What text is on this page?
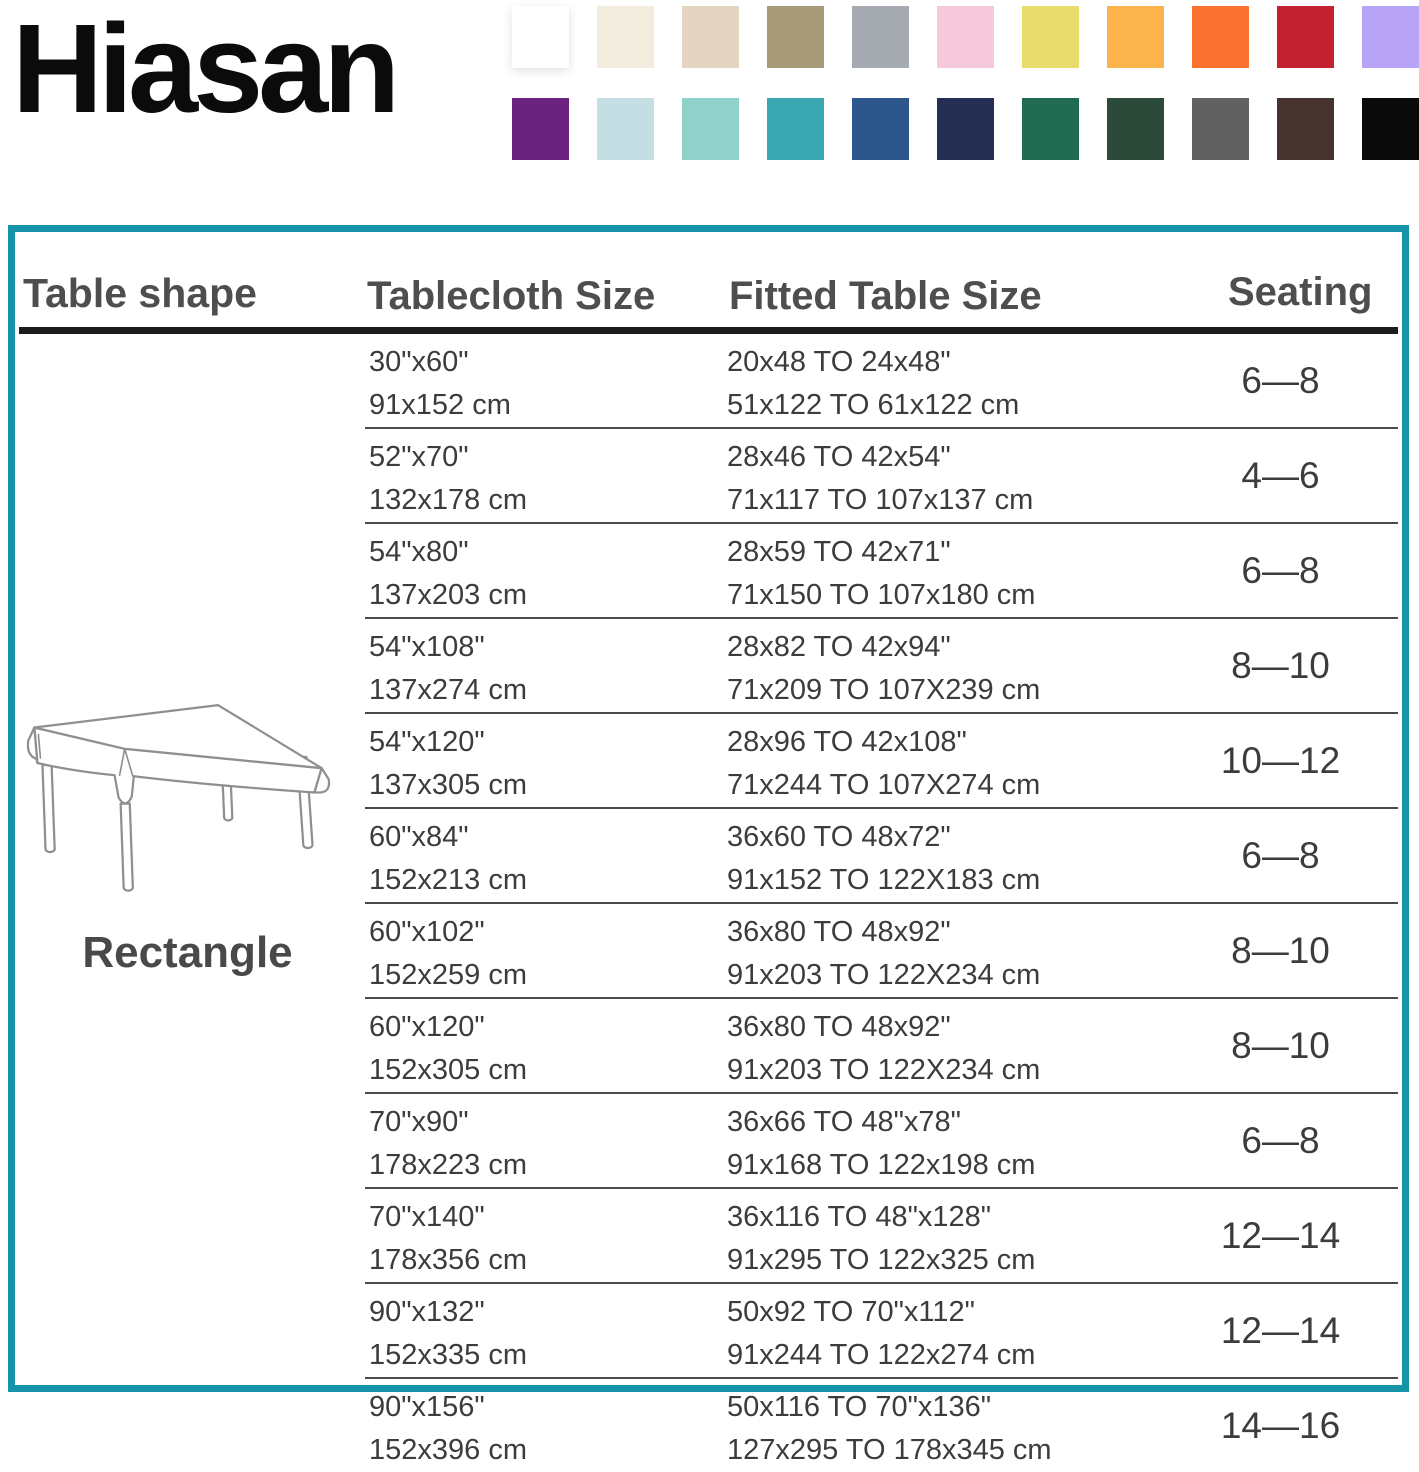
Hiasan
Table shape	Tablecloth Size Fitted Table Size	Seating
30"x60"
91x152 cm
20x48 TO 24x48"
51x122 TO 61x122 cm
6—8
52"x70"
132x178 cm
28x46 TO 42x54"
71x117 TO 107x137 cm
4—6
54"x80"
137x203 cm
28x59 TO 42x71"
71x150 TO 107x180 cm
6—8
54"x108"
137x274 cm
28x82 TO 42x94"
71x209 TO 107X239 cm
8—10
54"x120"
137x305 cm
28x96 TO 42x108"
71x244 TO 107X274 cm
10—12
60"x84"
152x213 cm
36x60 TO 48x72"
91x152 TO 122X183 cm
6—8
60"x102"
152x259 cm
36x80 TO 48x92"
91x203 TO 122X234 cm
8—10
60"x120"
152x305 cm
36x80 TO 48x92"
91x203 TO 122X234 cm
8—10
70"x90"
178x223 cm
36x66 TO 48"x78"
91x168 TO 122x198 cm
6—8
70"x140"
178x356 cm
36x116 TO 48"x128"
91x295 TO 122x325 cm
12—14
90"x132"
152x335 cm
50x92 TO 70"x112"
91x244 TO 122x274 cm
12—14
90"x156"
152x396 cm
50x116 TO 70"x136"
127x295 TO 178x345 cm
14—16
Rectangle
